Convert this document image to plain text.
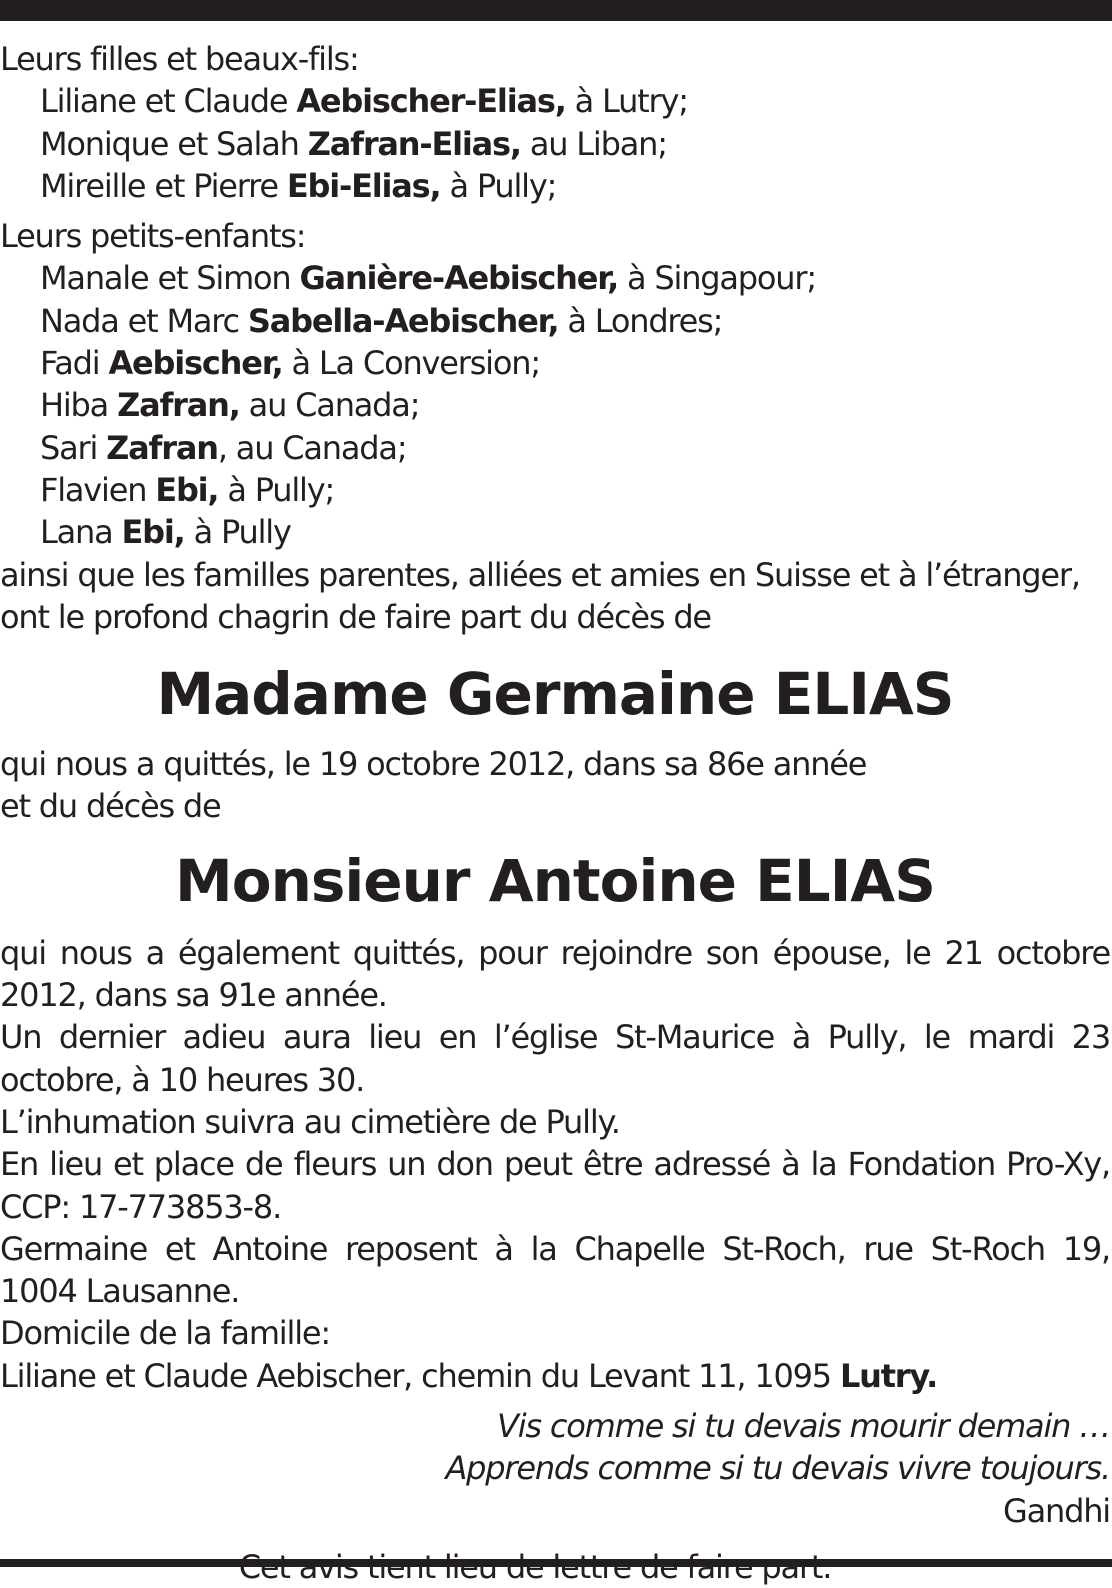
Leurs filles et beaux-fils:
Liliane et Claude Aebischer-Elias, à Lutry;
Monique et Salah Zafran-Elias, au Liban;
Mireille et Pierre Ebi-Elias, à Pully;
Leurs petits-enfants:
Manale et Simon Ganière-Aebischer, à Singapour;
Nada et Marc Sabella-Aebischer, à Londres;
Fadi Aebischer, à La Conversion;
Hiba Zafran, au Canada;
Sari Zafran, au Canada;
Flavien Ebi, à Pully;
Lana Ebi, à Pully
ainsi que les familles parentes, alliées et amies en Suisse et à l’étranger,
ont le profond chagrin de faire part du décès de
Madame Germaine ELIAS
qui nous a quittés, le 19 octobre 2012, dans sa 86e année
et du décès de
Monsieur Antoine ELIAS
qui nous a également quittés, pour rejoindre son épouse, le 21 octobre
2012, dans sa 91e année.
Un dernier adieu aura lieu en l’église St-Maurice à Pully, le mardi 23
octobre, à 10 heures 30.
L’inhumation suivra au cimetière de Pully.
En lieu et place de fleurs un don peut être adressé à la Fondation Pro-Xy,
CCP: 17-773853-8.
Germaine et Antoine reposent à la Chapelle St-Roch, rue St-Roch 19,
1004 Lausanne.
Domicile de la famille:
Liliane et Claude Aebischer, chemin du Levant 11, 1095 Lutry.
Vis comme si tu devais mourir demain …
Apprends comme si tu devais vivre toujours.
Gandhi
